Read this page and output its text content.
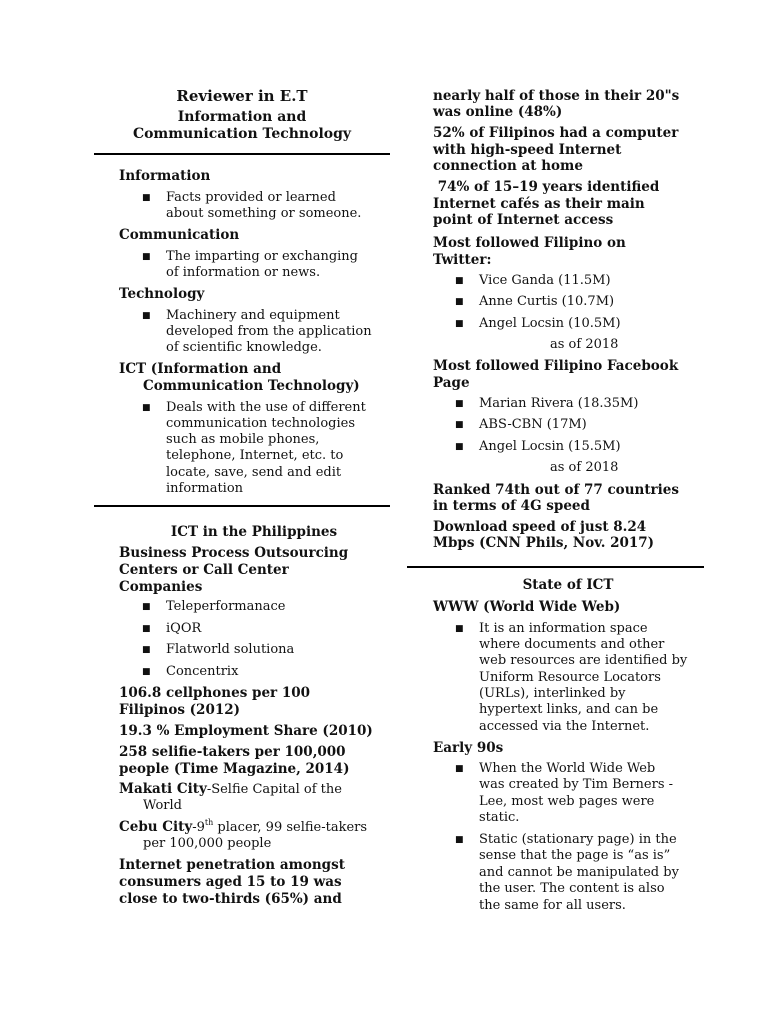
Reviewer in E.T
Information and
Communication Technology
Information
■ Facts provided or learned
about something or someone.
Communication
■ The imparting or exchanging
of information or news.
Technology
■ Machinery and equipment
developed from the application
of scientific knowledge.
ICT (Information and
Communication Technology)
■ Deals with the use of different
communication technologies
such as mobile phones,
telephone, Internet, etc. to
locate, save, send and edit
information
ICT in the Philippines
Business Process Outsourcing
Centers or Call Center
Companies
■ Teleperformanace
■ iQOR
■ Flatworld solutiona
■ Concentrix
106.8 cellphones per 100
Filipinos (2012)
19.3 % Employment Share (2010)
258 selifie-takers per 100,000
people (Time Magazine, 2014)
Makati City-Selfie Capital of the
World
Cebu City-9th placer, 99 selfie-takers
per 100,000 people
Internet penetration amongst
consumers aged 15 to 19 was
close to two-thirds (65%) and
nearly half of those in their 20"s
was online (48%)
52% of Filipinos had a computer
with high-speed Internet
connection at home
74% of 15–19 years identified
Internet cafés as their main
point of Internet access
Most followed Filipino on
Twitter:
■ Vice Ganda (11.5M)
■ Anne Curtis (10.7M)
■ Angel Locsin (10.5M)
as of 2018
Most followed Filipino Facebook
Page
■ Marian Rivera (18.35M)
■ ABS-CBN (17M)
■ Angel Locsin (15.5M)
as of 2018
Ranked 74th out of 77 countries
in terms of 4G speed
Download speed of just 8.24
Mbps (CNN Phils, Nov. 2017)
State of ICT
WWW (World Wide Web)
■ It is an information space
where documents and other
web resources are identified by
Uniform Resource Locators
(URLs), interlinked by
hypertext links, and can be
accessed via the Internet.
Early 90s
■ When the World Wide Web
was created by Tim Berners -
Lee, most web pages were
static.
■ Static (stationary page) in the
sense that the page is “as is”
and cannot be manipulated by
the user. The content is also
the same for all users.
